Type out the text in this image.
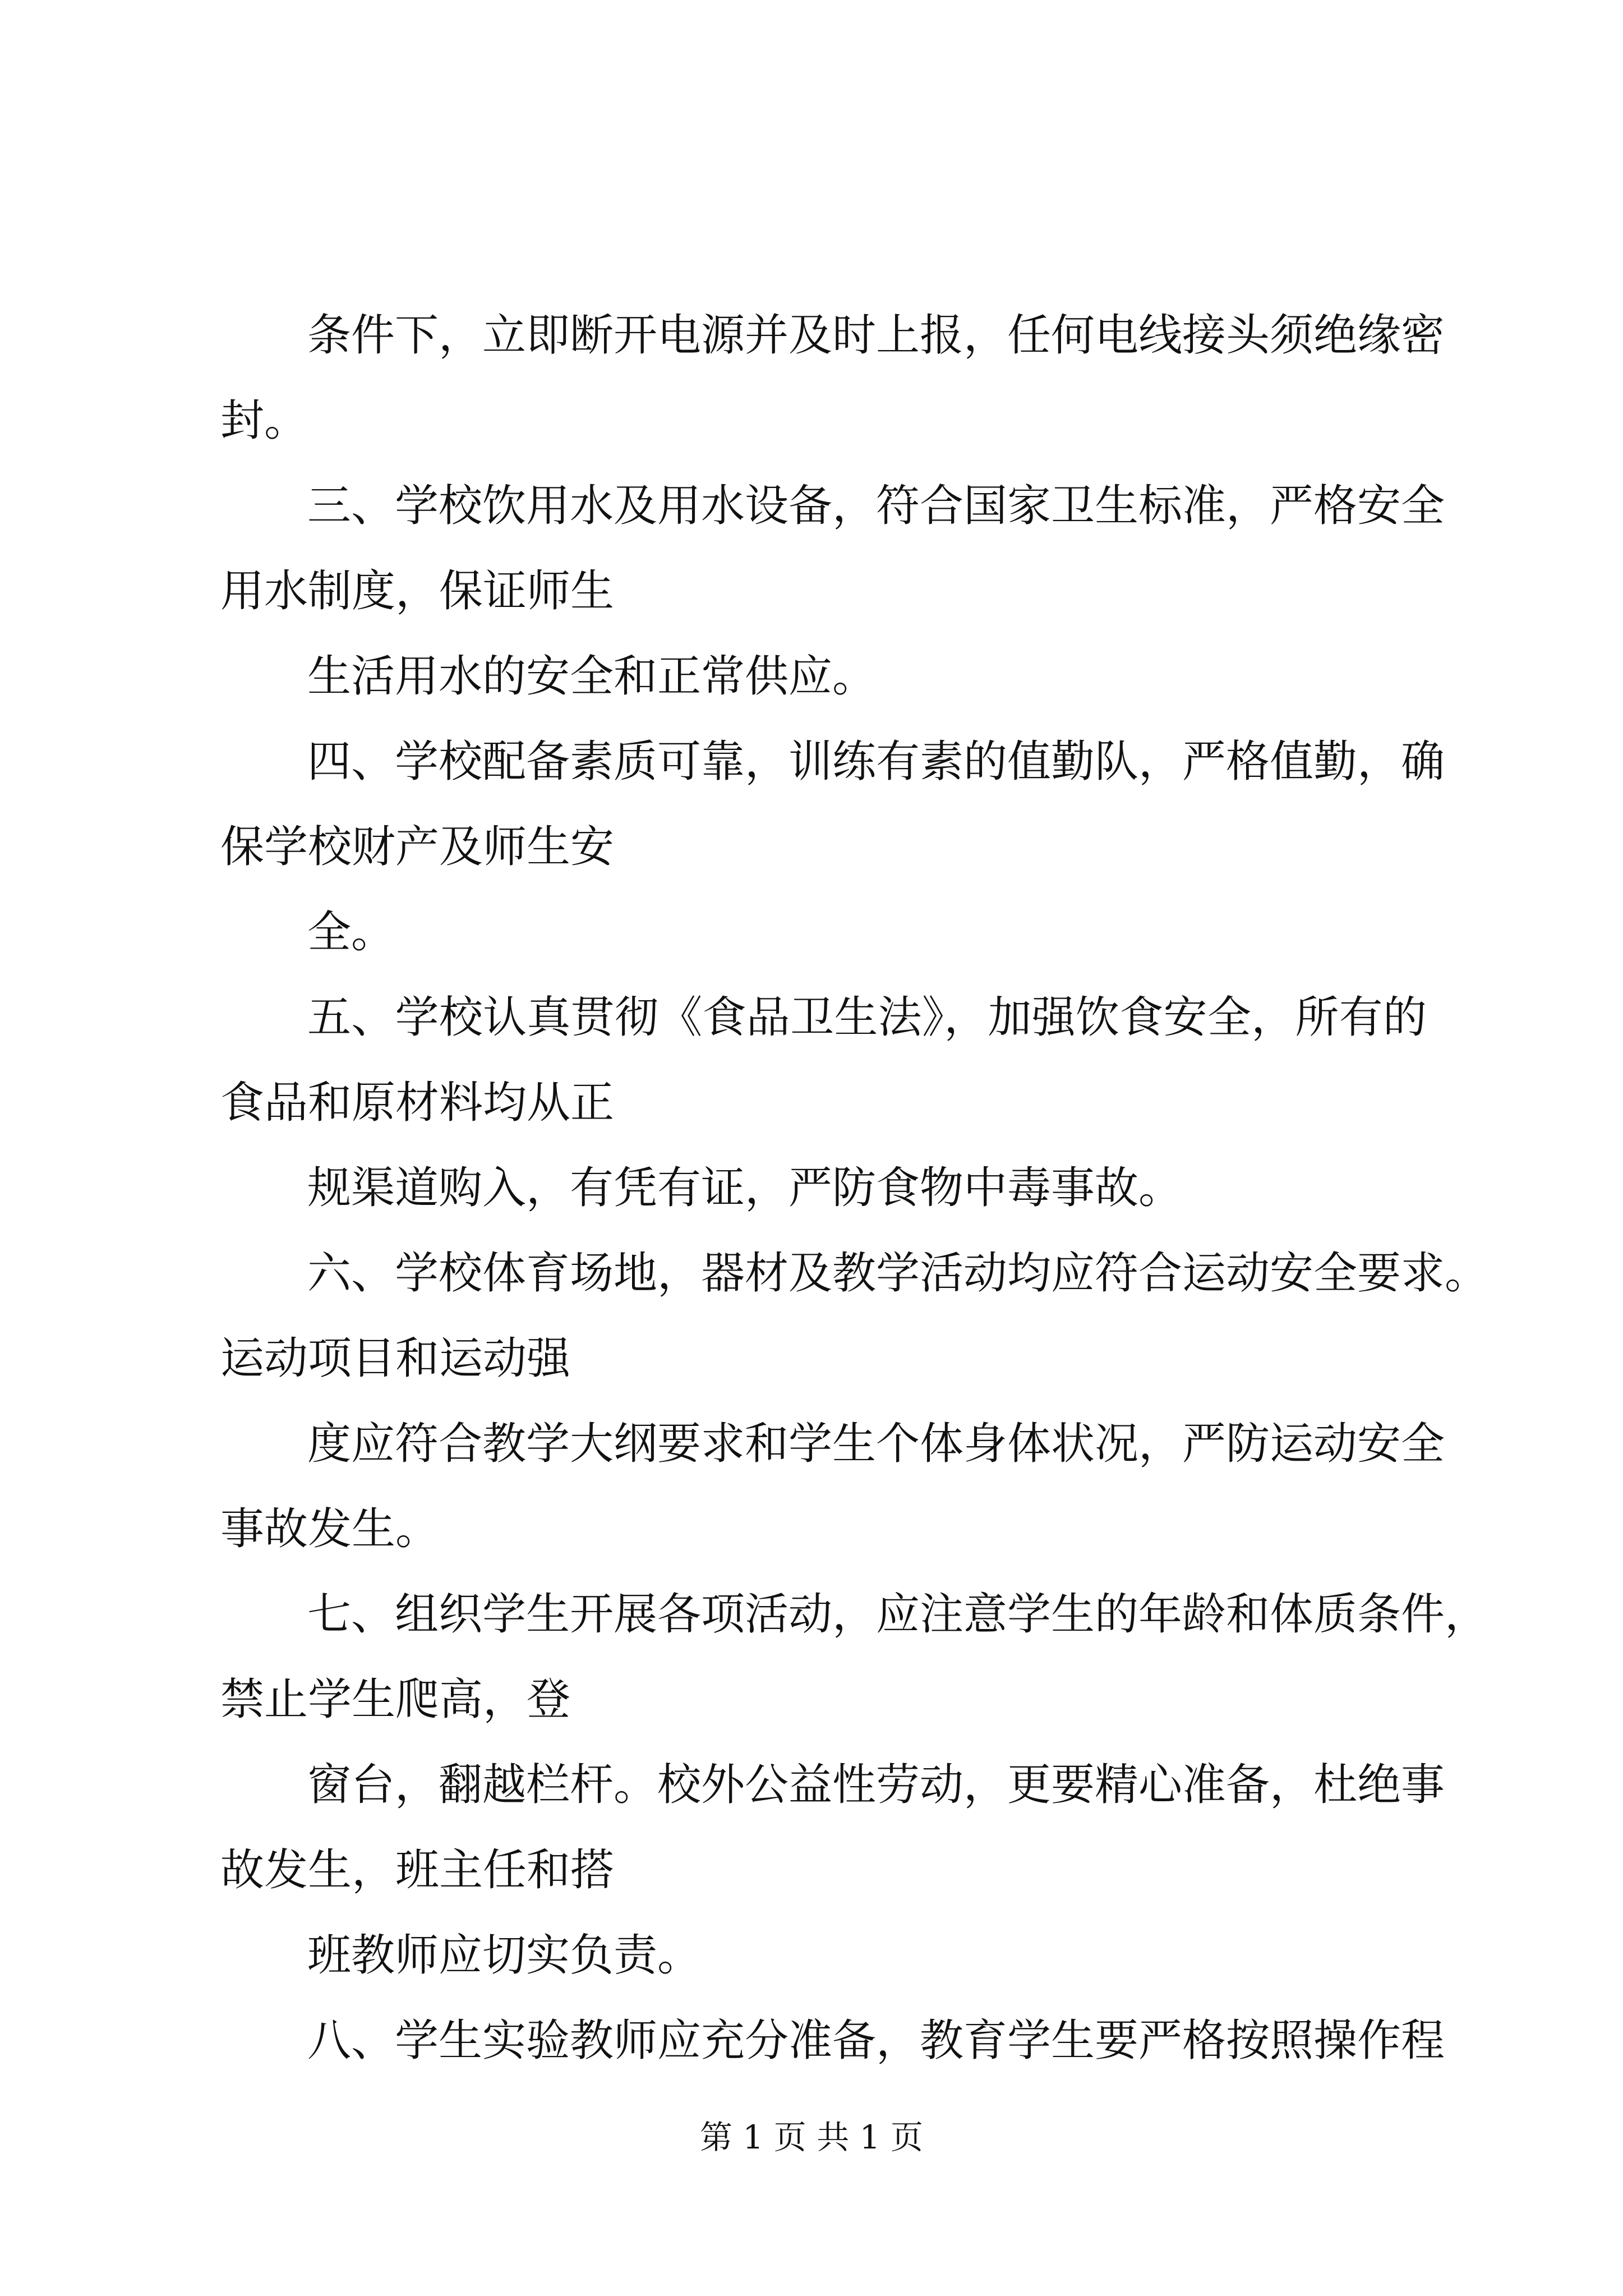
条件下，立即断开电源并及时上报，任何电线接头须绝缘密
封。
三、学校饮用水及用水设备，符合国家卫生标准，严格安全
用水制度，保证师生
生活用水的安全和正常供应。
四、学校配备素质可靠，训练有素的值勤队，严格值勤，确
保学校财产及师生安
全。
五、学校认真贯彻《食品卫生法》，加强饮食安全，所有的
食品和原材料均从正
规渠道购入，有凭有证，严防食物中毒事故。
六、学校体育场地，器材及教学活动均应符合运动安全要求。
运动项目和运动强
度应符合教学大纲要求和学生个体身体状况，严防运动安全
事故发生。
七、组织学生开展各项活动，应注意学生的年龄和体质条件，
禁止学生爬高，登
窗台，翻越栏杆。校外公益性劳动，更要精心准备，杜绝事
故发生，班主任和搭
班教师应切实负责。
八、学生实验教师应充分准备，教育学生要严格按照操作程
第 1 页 共 1 页
